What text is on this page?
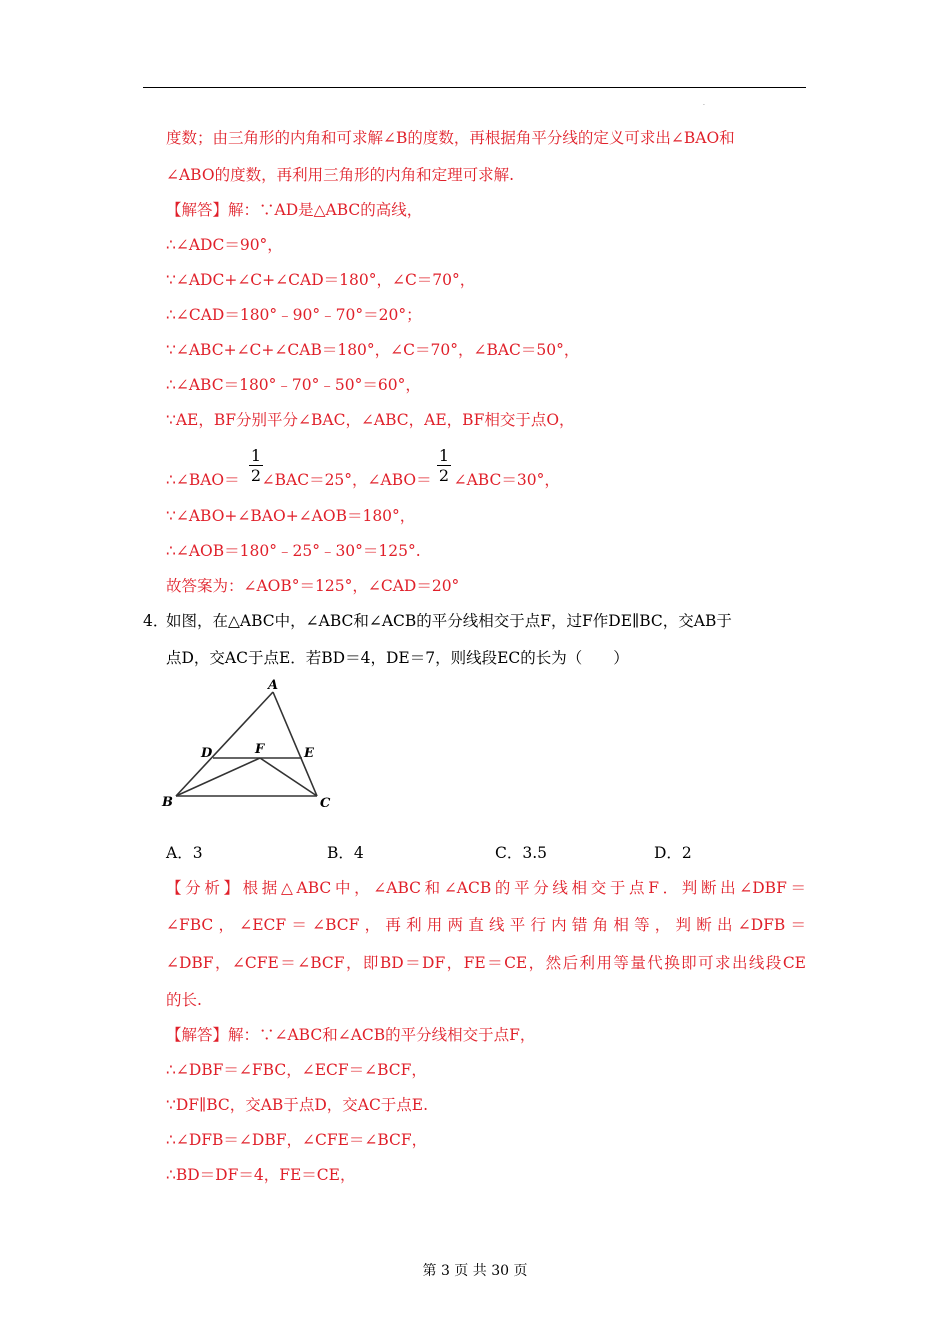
.
度数；由三角形的内角和可求解∠B的度数，再根据角平分线的定义可求出∠BAO和
∠ABO的度数，再利用三角形的内角和定理可求解.
【解答】解：∵AD是△ABC的高线，
∴∠ADC＝90°，
∵∠ADC+∠C+∠CAD＝180°，∠C＝70°，
∴∠CAD＝180°﹣90°﹣70°＝20°；
∵∠ABC+∠C+∠CAB＝180°，∠C＝70°，∠BAC＝50°，
∴∠ABC＝180°﹣70°﹣50°＝60°，
∵AE，BF分别平分∠BAC，∠ABC，AE，BF相交于点O，
∴∠BAO＝ ∠BAC＝25°，∠ABO＝ ∠ABC＝30°，
1
2
1
2
∵∠ABO+∠BAO+∠AOB＝180°，
∴∠AOB＝180°﹣25°﹣30°＝125°.
故答案为：∠AOB°＝125°，∠CAD＝20°
4．
如图，在△ABC中，∠ABC和∠ACB的平分线相交于点F，过F作DE∥BC，交AB于
点D，交AC于点E．若BD＝4，DE＝7，则线段EC的长为（　　）
A
B	C
D	E
F
A．3	B．4	C．3.5	D．2
【分析】根据△ABC中，∠ABC和∠ACB的平分线相交于点F．判断出∠DBF＝
∠FBC，∠ECF＝∠BCF，再利用两直线平行内错角相等，判断出∠DFB＝
∠DBF，∠CFE＝∠BCF，即BD＝DF，FE＝CE，然后利用等量代换即可求出线段CE
的长.
【解答】解：∵∠ABC和∠ACB的平分线相交于点F，
∴∠DBF＝∠FBC，∠ECF＝∠BCF，
∵DF∥BC，交AB于点D，交AC于点E.
∴∠DFB＝∠DBF，∠CFE＝∠BCF，
∴BD＝DF＝4，FE＝CE，
第 3 页 共 30 页
